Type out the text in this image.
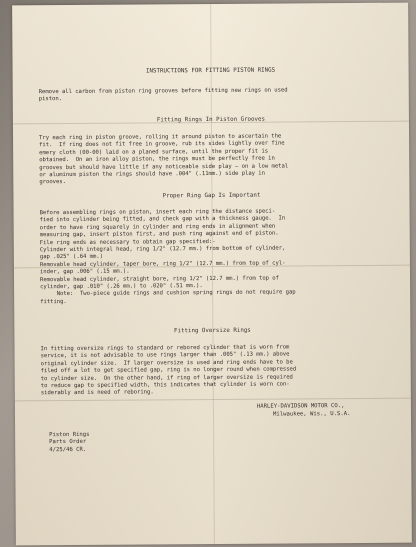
INSTRUCTIONS FOR FITTING PISTON RINGS
Remove all carbon from piston ring grooves before fitting new rings on used
piston.
Fitting Rings In Piston Grooves
Try each ring in piston groove, rolling it around piston to ascertain the
fit.  If ring does not fit free in groove, rub its sides lightly over fine
emery cloth (00-00) laid on a planed surface, until the proper fit is
obtained.  On an iron alloy piston, the rings must be perfectly free in
grooves but should have little if any noticeable side play — on a low metal
or aluminum piston the rings should have .004" (.11mm.) side play in
grooves.
Proper Ring Gap Is Important
Before assembling rings on piston, insert each ring the distance speci-
fied into cylinder being fitted, and check gap with a thickness gauge.  In
order to have ring squarely in cylinder and ring ends in alignment when
measuring gap, insert piston first, and push ring against end of piston.
File ring ends as necessary to obtain gap specified:-
Cylinder with integral head, ring 1/2" (12.7 mm.) from bottom of cylinder,
gap .025" (.64 mm.)
Removable head cylinder, taper bore, ring 1/2" (12.7 mm.) from top of cyl-
inder, gap .006" (.15 mm.).
Removable head cylinder, straight bore, ring 1/2" (12.7 mm.) from top of
cylinder, gap .010" (.26 mm.) to .020" (.51 mm.).
Note:  Two-piece guide rings and cushion spring rings do not require gap
fitting.
Fitting Oversize Rings
In fitting oversize rings to standard or rebored cylinder that is worn from
service, it is not advisable to use rings larger than .005" (.13 mm.) above
original cylinder size.  If larger oversize is used and ring ends have to be
filed off a lot to get specified gap, ring is no longer round when compressed
to cylinder size.  On the other hand, if ring of larger oversize is required
to reduce gap to specified width, this indicates that cylinder is worn con-
siderably and is need of reboring.
HARLEY-DAVIDSON MOTOR CO.,
Milwaukee, Wis., U.S.A.
Piston Rings
Parts Order
4/25/46 CR.
